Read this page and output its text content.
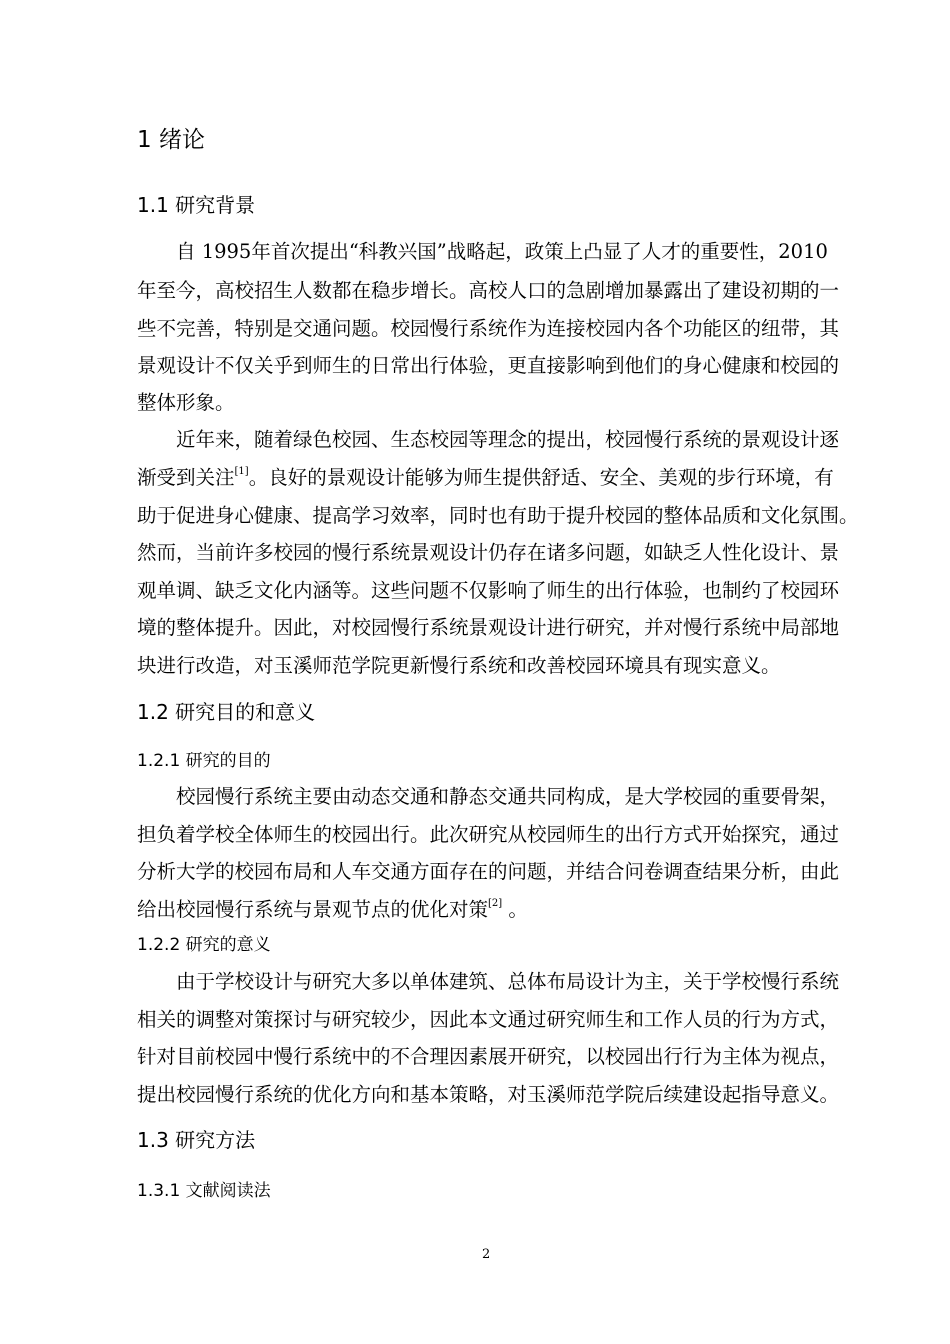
1 绪论
1.1 研究背景
自 1995年首次提出“科教兴国”战略起，政策上凸显了人才的重要性，2010
年至今，高校招生人数都在稳步增长。高校人口的急剧增加暴露出了建设初期的一
些不完善，特别是交通问题。校园慢行系统作为连接校园内各个功能区的纽带，其
景观设计不仅关乎到师生的日常出行体验，更直接影响到他们的身心健康和校园的
整体形象。
近年来，随着绿色校园、生态校园等理念的提出，校园慢行系统的景观设计逐
渐受到关注[1]。良好的景观设计能够为师生提供舒适、安全、美观的步行环境，有
助于促进身心健康、提高学习效率，同时也有助于提升校园的整体品质和文化氛围。
然而，当前许多校园的慢行系统景观设计仍存在诸多问题，如缺乏人性化设计、景
观单调、缺乏文化内涵等。这些问题不仅影响了师生的出行体验，也制约了校园环
境的整体提升。因此，对校园慢行系统景观设计进行研究，并对慢行系统中局部地
块进行改造，对玉溪师范学院更新慢行系统和改善校园环境具有现实意义。
1.2 研究目的和意义
1.2.1 研究的目的
校园慢行系统主要由动态交通和静态交通共同构成，是大学校园的重要骨架，
担负着学校全体师生的校园出行。此次研究从校园师生的出行方式开始探究，通过
分析大学的校园布局和人车交通方面存在的问题，并结合问卷调查结果分析，由此
给出校园慢行系统与景观节点的优化对策[2] 。
1.2.2 研究的意义
由于学校设计与研究大多以单体建筑、总体布局设计为主，关于学校慢行系统
相关的调整对策探讨与研究较少，因此本文通过研究师生和工作人员的行为方式，
针对目前校园中慢行系统中的不合理因素展开研究，以校园出行行为主体为视点，
提出校园慢行系统的优化方向和基本策略，对玉溪师范学院后续建设起指导意义。
1.3 研究方法
1.3.1 文献阅读法
2
